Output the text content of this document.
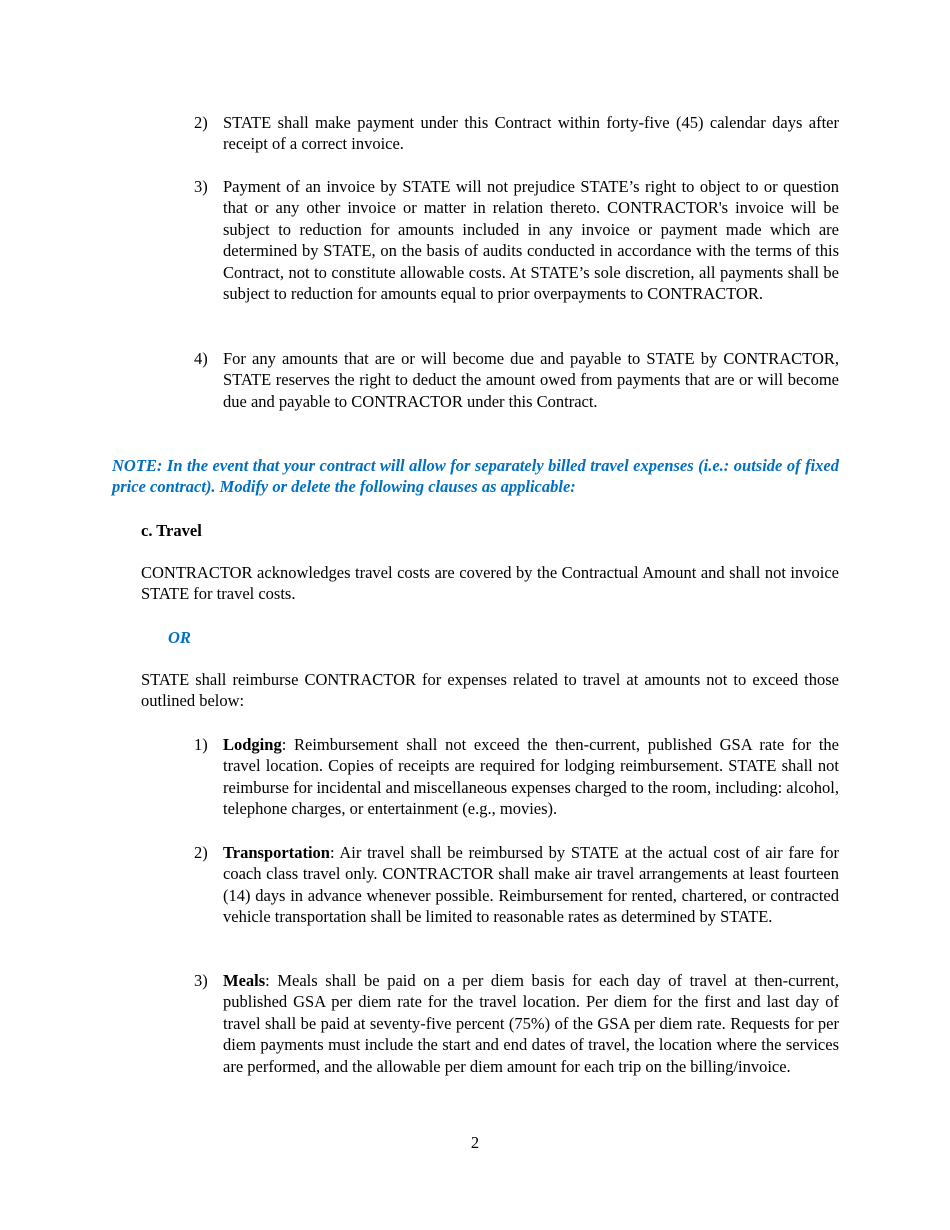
2) STATE shall make payment under this Contract within forty-five (45) calendar days after receipt of a correct invoice.
3) Payment of an invoice by STATE will not prejudice STATE’s right to object to or question that or any other invoice or matter in relation thereto. CONTRACTOR's invoice will be subject to reduction for amounts included in any invoice or payment made which are determined by STATE, on the basis of audits conducted in accordance with the terms of this Contract, not to constitute allowable costs. At STATE’s sole discretion, all payments shall be subject to reduction for amounts equal to prior overpayments to CONTRACTOR.
4) For any amounts that are or will become due and payable to STATE by CONTRACTOR, STATE reserves the right to deduct the amount owed from payments that are or will become due and payable to CONTRACTOR under this Contract.
NOTE: In the event that your contract will allow for separately billed travel expenses (i.e.: outside of fixed price contract). Modify or delete the following clauses as applicable:
c. Travel
CONTRACTOR acknowledges travel costs are covered by the Contractual Amount and shall not invoice STATE for travel costs.
OR
STATE shall reimburse CONTRACTOR for expenses related to travel at amounts not to exceed those outlined below:
1) Lodging: Reimbursement shall not exceed the then-current, published GSA rate for the travel location. Copies of receipts are required for lodging reimbursement. STATE shall not reimburse for incidental and miscellaneous expenses charged to the room, including: alcohol, telephone charges, or entertainment (e.g., movies).
2) Transportation: Air travel shall be reimbursed by STATE at the actual cost of air fare for coach class travel only. CONTRACTOR shall make air travel arrangements at least fourteen (14) days in advance whenever possible. Reimbursement for rented, chartered, or contracted vehicle transportation shall be limited to reasonable rates as determined by STATE.
3) Meals: Meals shall be paid on a per diem basis for each day of travel at then-current, published GSA per diem rate for the travel location. Per diem for the first and last day of travel shall be paid at seventy-five percent (75%) of the GSA per diem rate. Requests for per diem payments must include the start and end dates of travel, the location where the services are performed, and the allowable per diem amount for each trip on the billing/invoice.
2
